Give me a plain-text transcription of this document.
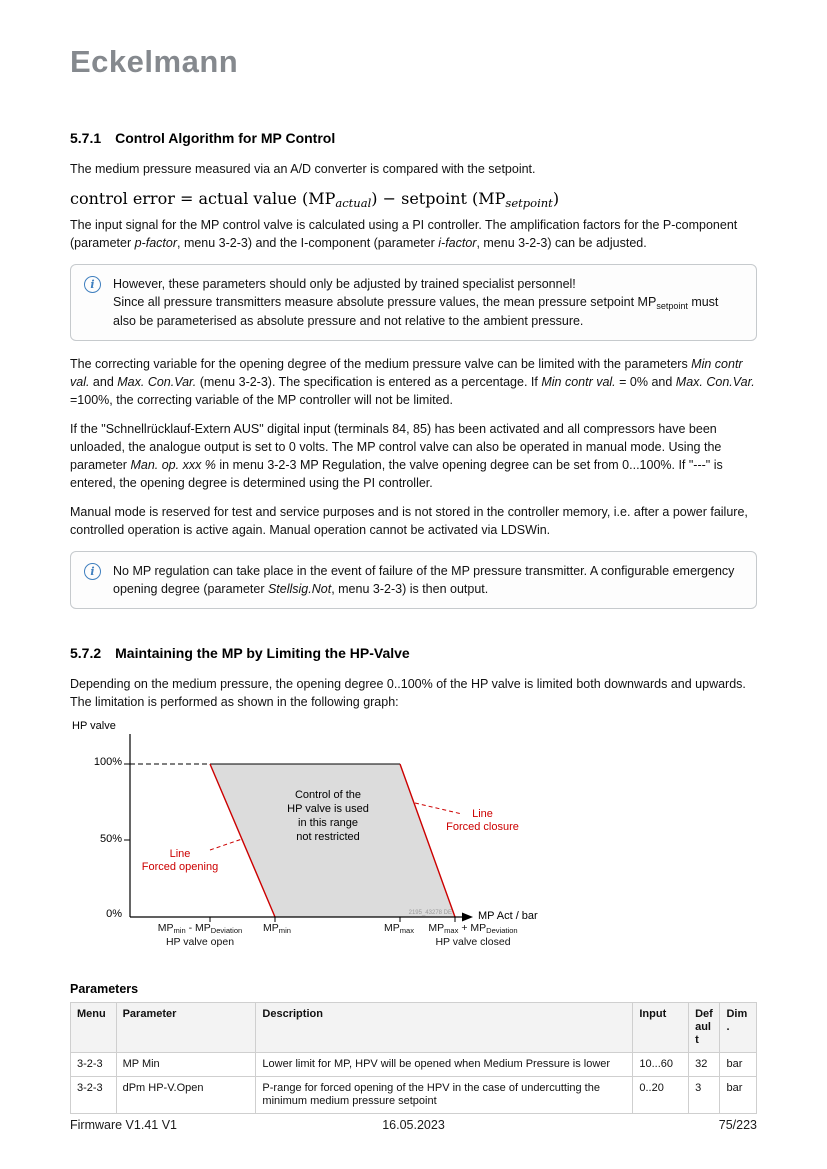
Eckelmann
5.7.1 Control Algorithm for MP Control

The medium pressure measured via an A/D converter is compared with the setpoint.

control error = actual value $(MP_{actual})$ − setpoint $(MP_{setpoint})$

The input signal for the MP control valve is calculated using a PI controller. The amplification factors for the P-component (parameter p-factor, menu 3-2-3) and the I-component (parameter i-factor, menu 3-2-3) can be adjusted.

i	However, these parameters should only be adjusted by trained specialist personnel!
Since all pressure transmitters measure absolute pressure values, the mean pressure setpoint $MP_{setpoint}$ must also be parameterised as absolute pressure and not relative to the ambient pressure.

The correcting variable for the opening degree of the medium pressure valve can be limited with the parameters Min contr val. and Max. Con.Var. (menu 3-2-3). The specification is entered as a percentage. If Min contr val. = 0% and Max. Con.Var. =100%, the correcting variable of the MP controller will not be limited.

If the "Schnellrücklauf-Extern AUS" digital input (terminals 84, 85) has been activated and all compressors have been unloaded, the analogue output is set to 0 volts. The MP control valve can also be operated in manual mode. Using the parameter Man. op. xxx % in menu 3-2-3 MP Regulation, the valve opening degree can be set from 0...100%. If "---" is entered, the opening degree is determined using the PI controller.

Manual mode is reserved for test and service purposes and is not stored in the controller memory, i.e. after a power failure, controlled operation is active again. Manual operation cannot be activated via LDSWin.

i	No MP regulation can take place in the event of failure of the MP pressure transmitter. A configurable emergency opening degree (parameter Stellsig.Not, menu 3-2-3) is then output.
5.7.2 Maintaining the MP by Limiting the HP-Valve

Depending on the medium pressure, the opening degree 0..100% of the HP valve is limited both downwards and upwards. The limitation is performed as shown in the following graph:

HP valve
100%
50%
0%	MP Act / bar
Control of the
HP valve is used
in this range
not restricted
Line
Forced opening
Line
Forced closure
$MP_{min} - MP_{Deviation}$	$MP_{min}$	$MP_{max}$	$MP_{max} + MP_{Deviation}$
HP valve open	HP valve closed
2195_43278 DE
Parameters
Menu	Parameter	Description	Input	Default	Dim.
3-2-3	MP Min	Lower limit for MP, HPV will be opened when Medium Pressure is lower	10...60	32	bar
3-2-3	dPm HP-V.Open	P-range for forced opening of the HPV in the case of undercutting the minimum medium pressure setpoint	0..20	3	bar
Firmware V1.41 V1	16.05.2023	75/223
